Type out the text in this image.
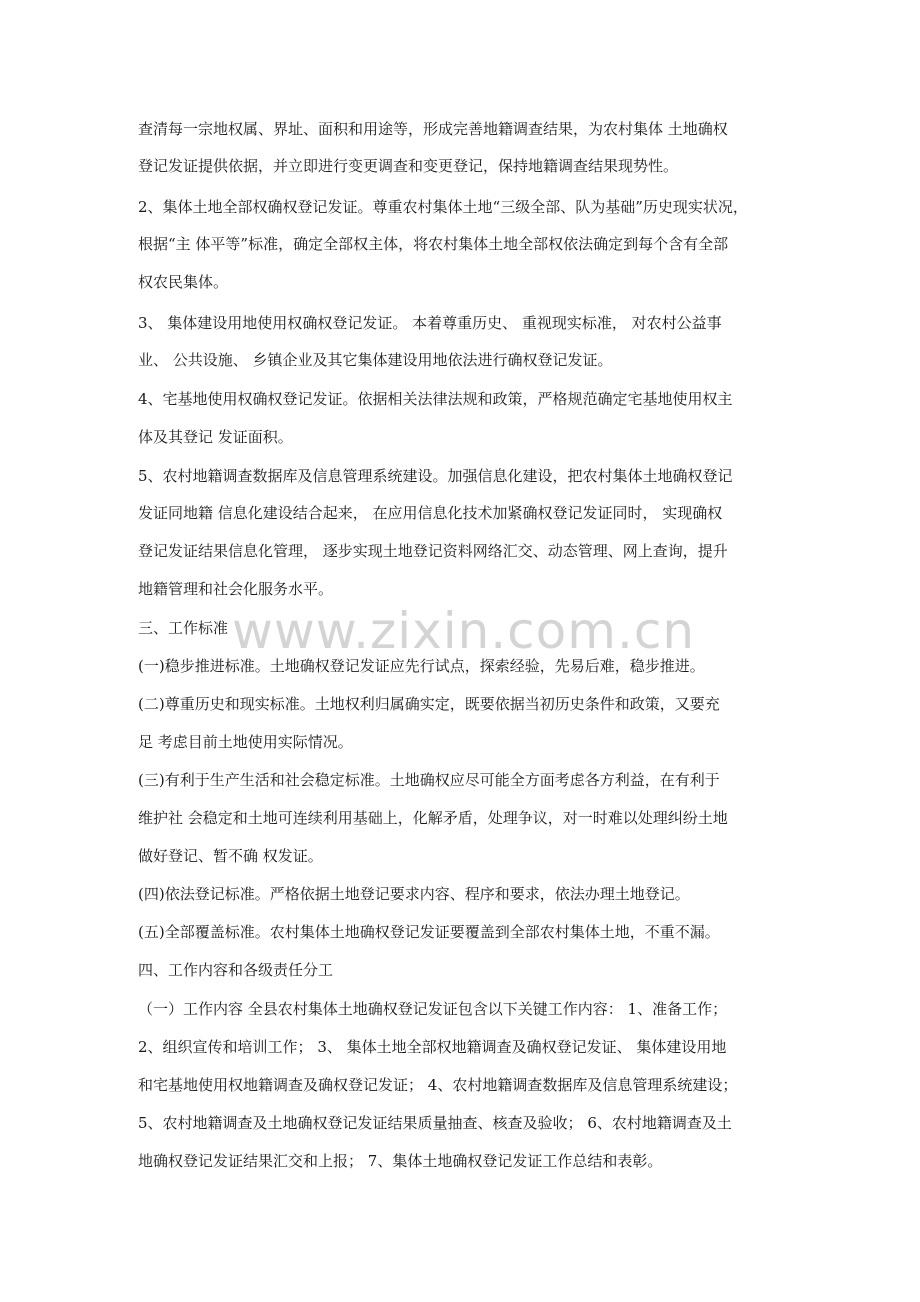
查清每一宗地权属、界址、面积和用途等，形成完善地籍调查结果，为农村集体 土地确权
登记发证提供依据，并立即进行变更调查和变更登记，保持地籍调查结果现势性。
2、集体土地全部权确权登记发证。尊重农村集体土地“三级全部、队为基础”历史现实状况，
根据“主 体平等”标准，确定全部权主体，将农村集体土地全部权依法确定到每个含有全部
权农民集体。
3、 集体建设用地使用权确权登记发证。 本着尊重历史、 重视现实标准， 对农村公益事
业、 公共设施、 乡镇企业及其它集体建设用地依法进行确权登记发证。
4、宅基地使用权确权登记发证。依据相关法律法规和政策，严格规范确定宅基地使用权主
体及其登记 发证面积。
5、农村地籍调查数据库及信息管理系统建设。加强信息化建设，把农村集体土地确权登记
发证同地籍 信息化建设结合起来， 在应用信息化技术加紧确权登记发证同时， 实现确权
登记发证结果信息化管理， 逐步实现土地登记资料网络汇交、动态管理、网上查询，提升
地籍管理和社会化服务水平。
三、工作标准
(一)稳步推进标准。土地确权登记发证应先行试点，探索经验，先易后难，稳步推进。
(二)尊重历史和现实标准。土地权利归属确实定，既要依据当初历史条件和政策，又要充
足 考虑目前土地使用实际情况。
(三)有利于生产生活和社会稳定标准。土地确权应尽可能全方面考虑各方利益，在有利于
维护社 会稳定和土地可连续利用基础上，化解矛盾，处理争议，对一时难以处理纠纷土地
做好登记、暂不确 权发证。
(四)依法登记标准。严格依据土地登记要求内容、程序和要求，依法办理土地登记。
(五)全部覆盖标准。农村集体土地确权登记发证要覆盖到全部农村集体土地，不重不漏。
四、工作内容和各级责任分工
（一）工作内容 全县农村集体土地确权登记发证包含以下关键工作内容： 1、准备工作；
2、组织宣传和培训工作； 3、 集体土地全部权地籍调查及确权登记发证、 集体建设用地
和宅基地使用权地籍调查及确权登记发证； 4、农村地籍调查数据库及信息管理系统建设；
5、农村地籍调查及土地确权登记发证结果质量抽查、核查及验收； 6、农村地籍调查及土
地确权登记发证结果汇交和上报； 7、集体土地确权登记发证工作总结和表彰。
www.zixin.com.cn
